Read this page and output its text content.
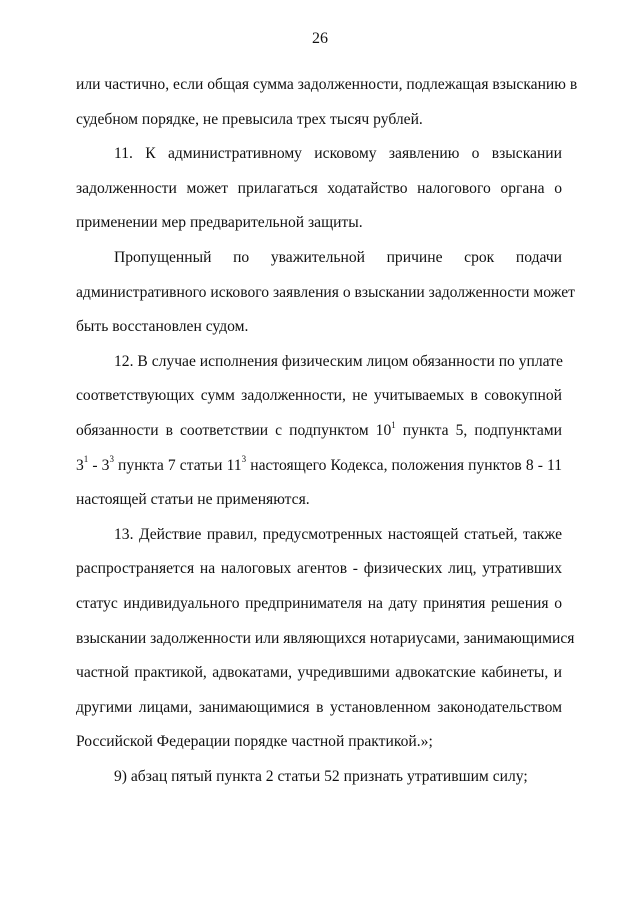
26
или частично, если общая сумма задолженности, подлежащая взысканию в
судебном порядке, не превысила трех тысяч рублей.
11. К административному исковому заявлению о взыскании
задолженности может прилагаться ходатайство налогового органа о
применении мер предварительной защиты.
Пропущенный по уважительной причине срок подачи
административного искового заявления о взыскании задолженности может
быть восстановлен судом.
12. В случае исполнения физическим лицом обязанности по уплате
соответствующих сумм задолженности, не учитываемых в совокупной
обязанности в соответствии с подпунктом $10^1$ пункта 5, подпунктами
$3^1 - 3^3$ пункта 7 статьи $11^3$ настоящего Кодекса, положения пунктов 8 - 11
настоящей статьи не применяются.
13. Действие правил, предусмотренных настоящей статьей, также
распространяется на налоговых агентов - физических лиц, утративших
статус индивидуального предпринимателя на дату принятия решения о
взыскании задолженности или являющихся нотариусами, занимающимися
частной практикой, адвокатами, учредившими адвокатские кабинеты, и
другими лицами, занимающимися в установленном законодательством
Российской Федерации порядке частной практикой.»;
9) абзац пятый пункта 2 статьи 52 признать утратившим силу;
